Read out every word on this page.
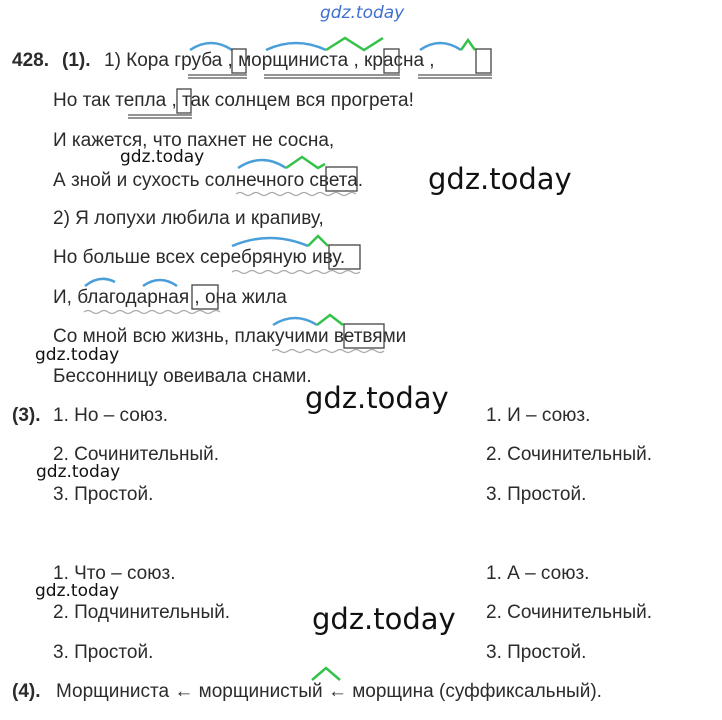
gdz.today
428. (1). 1) Кора груба , морщиниста , красна ,
Но так тепла , так солнцем вся прогрета!
И кажется, что пахнет не сосна,
А зной и сухость солнечного света.
2) Я лопухи любила и крапиву,
Но больше всех серебряную иву.
И, благодарная , она жила
Со мной всю жизнь, плакучими ветвями
Бессонницу овеивала снами.
(3). 1. Но – союз.
2. Сочинительный.
3. Простой.
1. И – союз.
2. Сочинительный.
3. Простой.
1. Что – союз.
2. Подчинительный.
3. Простой.
1. А – союз.
2. Сочинительный.
3. Простой.
(4). Морщиниста ← морщинистый ← морщина (суффиксальный).
gdz.today
gdz.today
gdz.today
gdz.today
gdz.today
gdz.today
gdz.today
